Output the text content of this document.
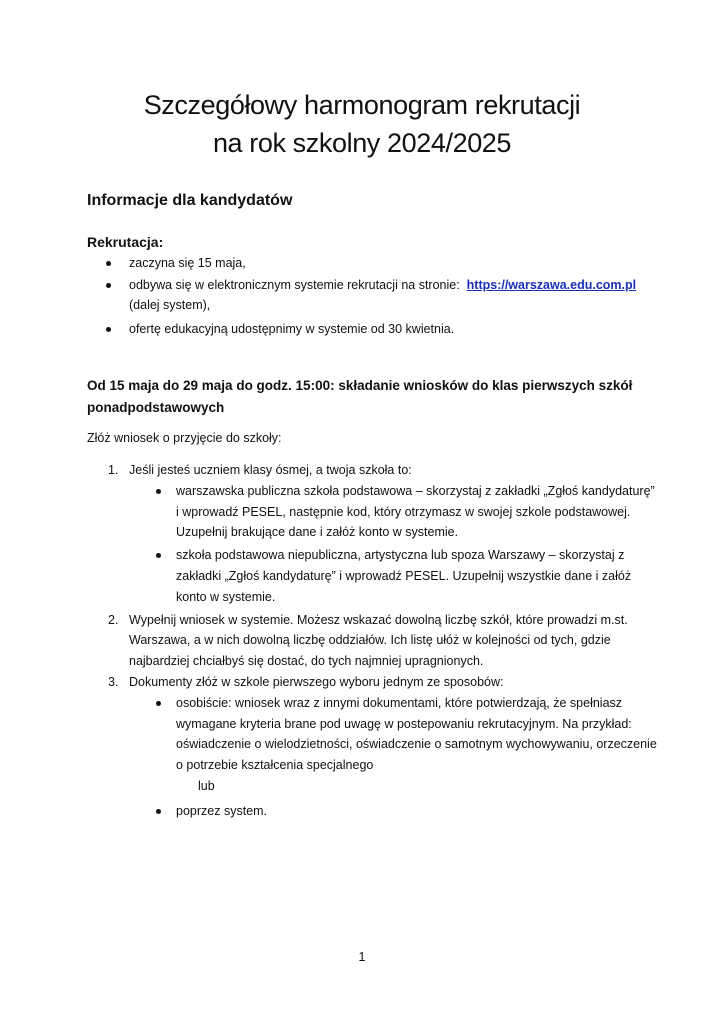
Szczegółowy harmonogram rekrutacji
na rok szkolny 2024/2025
Informacje dla kandydatów
Rekrutacja:
zaczyna się 15 maja,
odbywa się w elektronicznym systemie rekrutacji na stronie: https://warszawa.edu.com.pl
(dalej system),
ofertę edukacyjną udostępnimy w systemie od 30 kwietnia.
Od 15 maja do 29 maja do godz. 15:00: składanie wniosków do klas pierwszych szkół ponadpodstawowych
Złóż wniosek o przyjęcie do szkoły:
1. Jeśli jesteś uczniem klasy ósmej, a twoja szkoła to:
warszawska publiczna szkoła podstawowa – skorzystaj z zakładki „Zgłoś kandydaturę” i wprowadź PESEL, następnie kod, który otrzymasz w swojej szkole podstawowej. Uzupełnij brakujące dane i załóż konto w systemie.
szkoła podstawowa niepubliczna, artystyczna lub spoza Warszawy – skorzystaj z zakładki „Zgłoś kandydaturę” i wprowadź PESEL. Uzupełnij wszystkie dane i załóż konto w systemie.
2. Wypełnij wniosek w systemie. Możesz wskazać dowolną liczbę szkół, które prowadzi m.st. Warszawa, a w nich dowolną liczbę oddziałów. Ich listę ułóż w kolejności od tych, gdzie najbardziej chciałbyś się dostać, do tych najmniej upragnionych.
3. Dokumenty złóż w szkole pierwszego wyboru jednym ze sposobów:
osobiście: wniosek wraz z innymi dokumentami, które potwierdzają, że spełniasz wymagane kryteria brane pod uwagę w postepowaniu rekrutacyjnym. Na przykład: oświadczenie o wielodzietności, oświadczenie o samotnym wychowywaniu, orzeczenie o potrzebie kształcenia specjalnego
lub
poprzez system.
1
